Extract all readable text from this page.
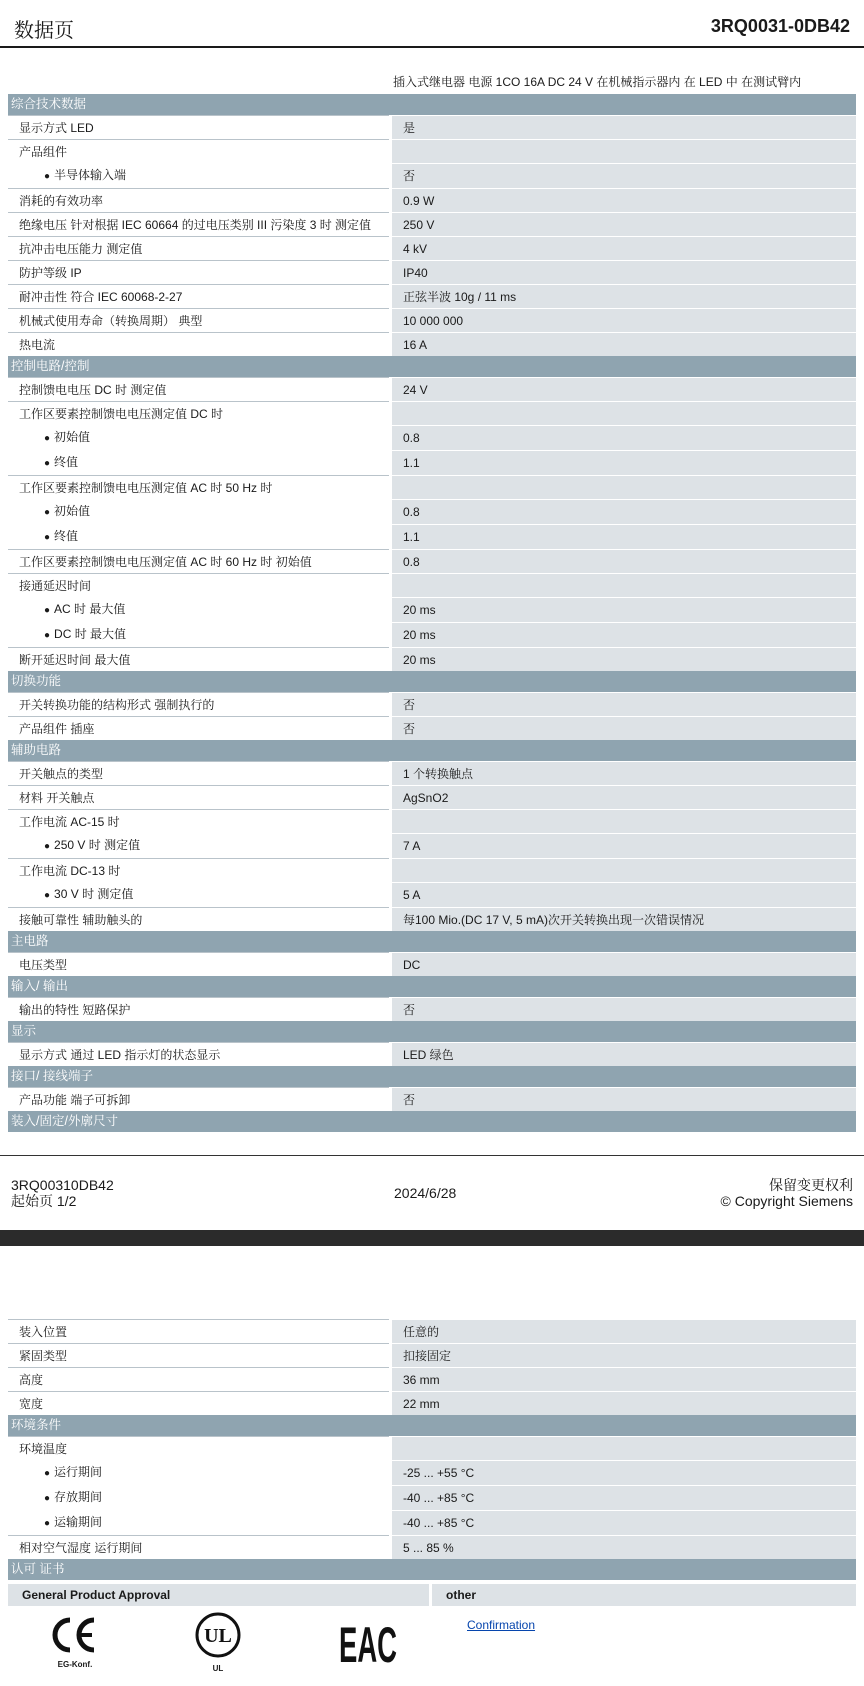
数据页	3RQ0031-0DB42
插入式继电器 电源 1CO 16A DC 24 V 在机械指示器内 在 LED 中 在测试臂内
综合技术数据
显示方式 LED	是
产品组件
● 半导体输入端	否
消耗的有效功率	0.9 W
绝缘电压 针对根据 IEC 60664 的过电压类别 III 污染度 3 时 测定值	250 V
抗冲击电压能力 测定值	4 kV
防护等级 IP	IP40
耐冲击性 符合 IEC 60068-2-27	正弦半波 10g / 11 ms
机械式使用寿命（转换周期） 典型	10 000 000
热电流	16 A
控制电路/控制
控制馈电电压 DC 时 测定值	24 V
工作区要素控制馈电电压测定值 DC 时
● 初始值	0.8
● 终值	1.1
工作区要素控制馈电电压测定值 AC 时 50 Hz 时
● 初始值	0.8
● 终值	1.1
工作区要素控制馈电电压测定值 AC 时 60 Hz 时 初始值	0.8
接通延迟时间
● AC 时 最大值	20 ms
● DC 时 最大值	20 ms
断开延迟时间 最大值	20 ms
切换功能
开关转换功能的结构形式 强制执行的	否
产品组件 插座	否
辅助电路
开关触点的类型	1 个转换触点
材料 开关触点	AgSnO2
工作电流 AC-15 时
● 250 V 时 测定值	7 A
工作电流 DC-13 时
● 30 V 时 测定值	5 A
接触可靠性 辅助触头的	每100 Mio.(DC 17 V, 5 mA)次开关转换出现一次错误情况
主电路
电压类型	DC
输入/ 输出
输出的特性 短路保护	否
显示
显示方式 通过 LED 指示灯的状态显示	LED 绿色
接口/ 接线端子
产品功能 端子可拆卸	否
装入/固定/外廓尺寸
3RQ00310DB42
起始页 1/2	2024/6/28	保留变更权利
© Copyright Siemens
装入位置	任意的
紧固类型	扣接固定
高度	36 mm
宽度	22 mm
环境条件
环境温度
● 运行期间	-25 ... +55 °C
● 存放期间	-40 ... +85 °C
● 运输期间	-40 ... +85 °C
相对空气湿度 运行期间	5 ... 85 %
认可 证书
General Product Approval	other
EG-Konf.
UL
UL	EAC	Confirmation
